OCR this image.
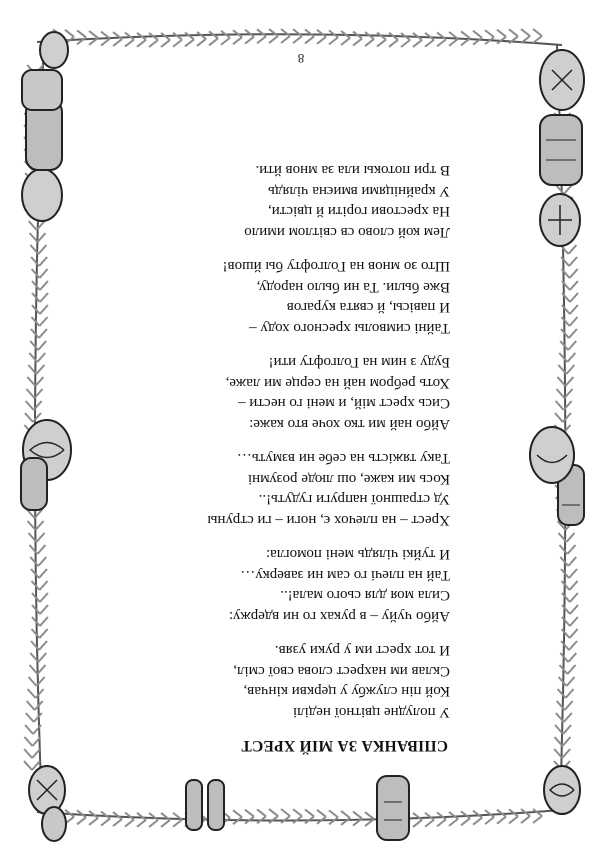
СПІВАНКА ЗА МІЙ ХРЕСТ
У полудне цвітної неділі
Кой пін службу у церкви кінчав,
Склав им нахрест слова свої сміл,
И тот хрест им у руки узяв.
Айбо чуйу – в руках го ни вдержу:
Сила моя для сього мала!..
Тай на плечі го сам ни заверку…
И туйкі чілядь мені помогла:
Хрест – на плечох є, ноги – ги струны
Уд страшної напруги гудуть!..
Кось ми каже, ош люде розумні
Таку тяжість на себе ни взмуть…
Айбо най ми тко хоче вто каже:
Сись хрест мій, и мені го нести –
Хоть ребром най на серце ми лаже,
Буду з ним на Голгофту ити!
Тайні символы хресного ходу –
И павісы, й свята курагов
Вже были. Та ни было народу,
Што зо мнов на Голгофту бы йшов!
Лем кой слово св світлом имило
На хрестови горіти й цвісти,
У крайніцями вмиєна чілядь
В три потокы ила за мнов йти.
8
